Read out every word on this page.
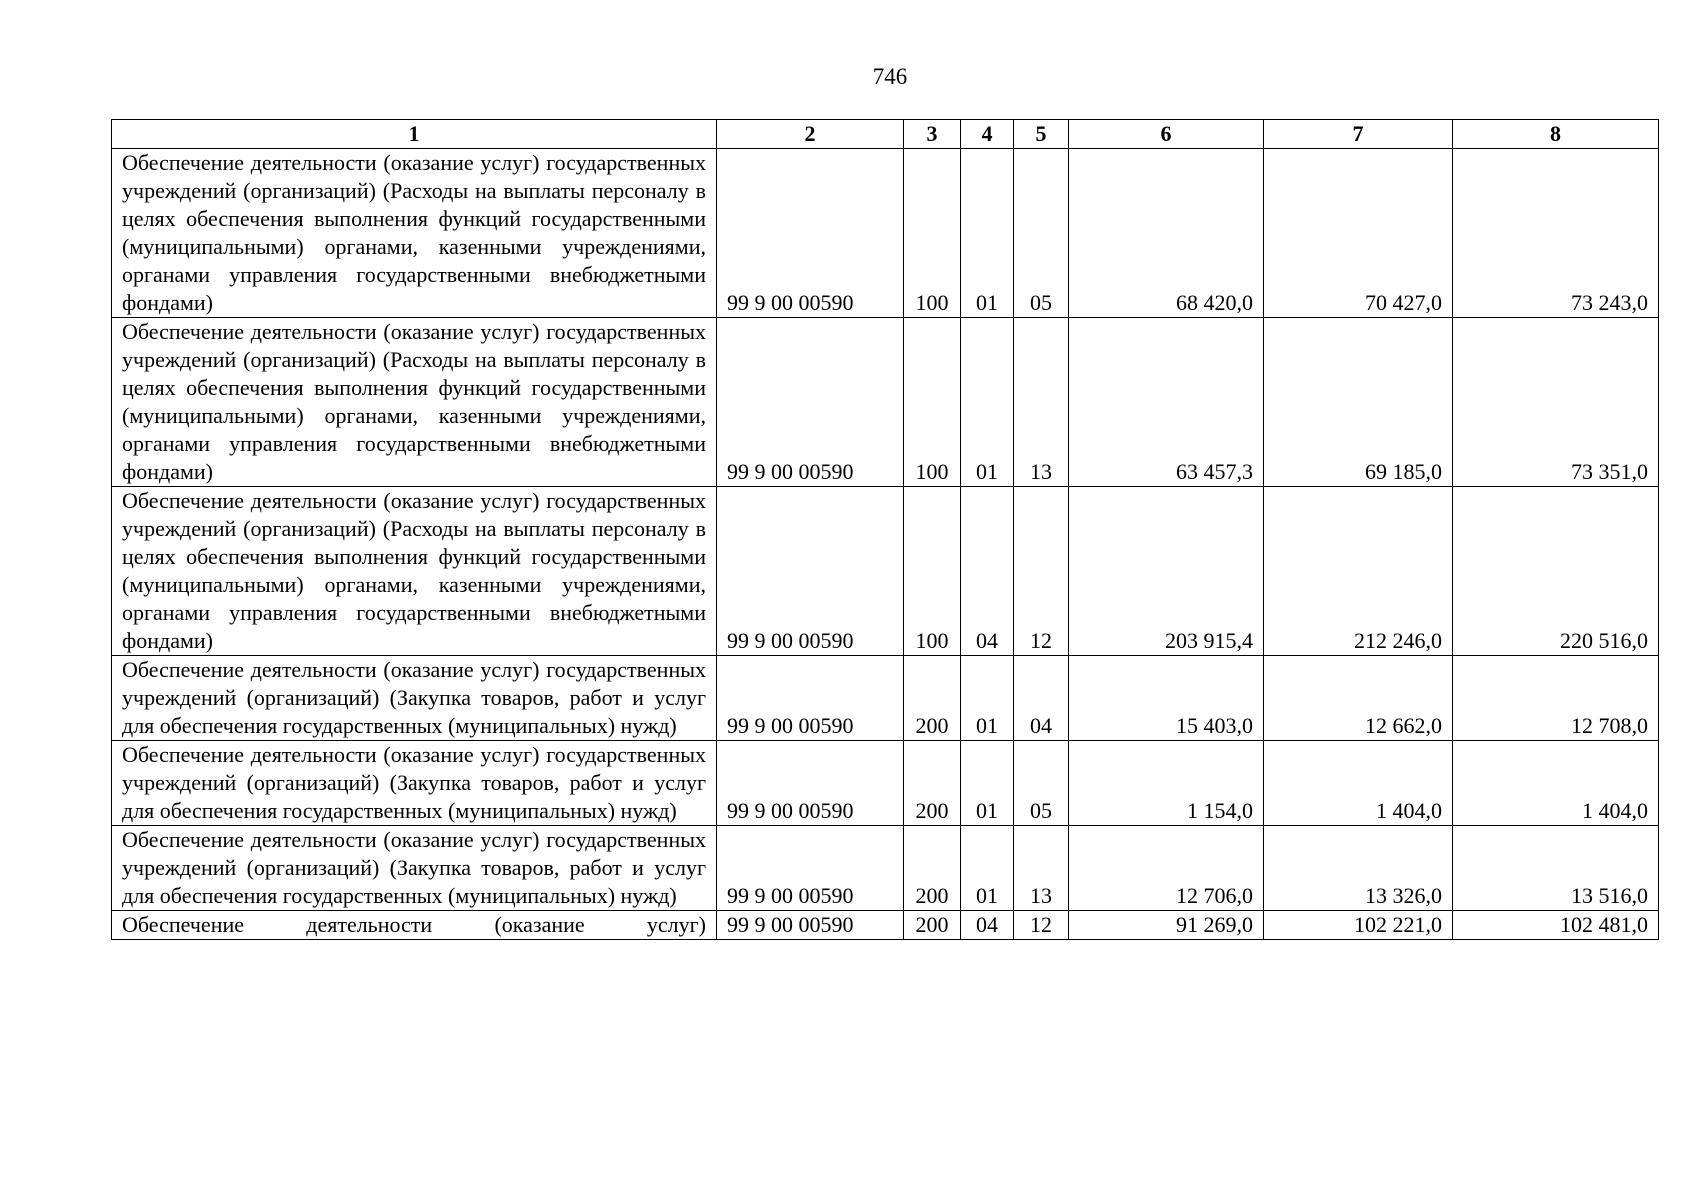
746
1	2	3	4	5	6	7	8
Обеспечение деятельности (оказание услуг) государственных учреждений (организаций) (Расходы на выплаты персоналу в целях обеспечения выполнения функций государственными (муниципальными) органами, казенными учреждениями, органами управления государственными внебюджетными фондами)	99 9 00 00590	100	01	05	68 420,0	70 427,0	73 243,0
Обеспечение деятельности (оказание услуг) государственных учреждений (организаций) (Расходы на выплаты персоналу в целях обеспечения выполнения функций государственными (муниципальными) органами, казенными учреждениями, органами управления государственными внебюджетными фондами)	99 9 00 00590	100	01	13	63 457,3	69 185,0	73 351,0
Обеспечение деятельности (оказание услуг) государственных учреждений (организаций) (Расходы на выплаты персоналу в целях обеспечения выполнения функций государственными (муниципальными) органами, казенными учреждениями, органами управления государственными внебюджетными фондами)	99 9 00 00590	100	04	12	203 915,4	212 246,0	220 516,0
Обеспечение деятельности (оказание услуг) государственных учреждений (организаций) (Закупка товаров, работ и услуг для обеспечения государственных (муниципальных) нужд)	99 9 00 00590	200	01	04	15 403,0	12 662,0	12 708,0
Обеспечение деятельности (оказание услуг) государственных учреждений (организаций) (Закупка товаров, работ и услуг для обеспечения государственных (муниципальных) нужд)	99 9 00 00590	200	01	05	1 154,0	1 404,0	1 404,0
Обеспечение деятельности (оказание услуг) государственных учреждений (организаций) (Закупка товаров, работ и услуг для обеспечения государственных (муниципальных) нужд)	99 9 00 00590	200	01	13	12 706,0	13 326,0	13 516,0
Обеспечение деятельности (оказание услуг)	99 9 00 00590	200	04	12	91 269,0	102 221,0	102 481,0
